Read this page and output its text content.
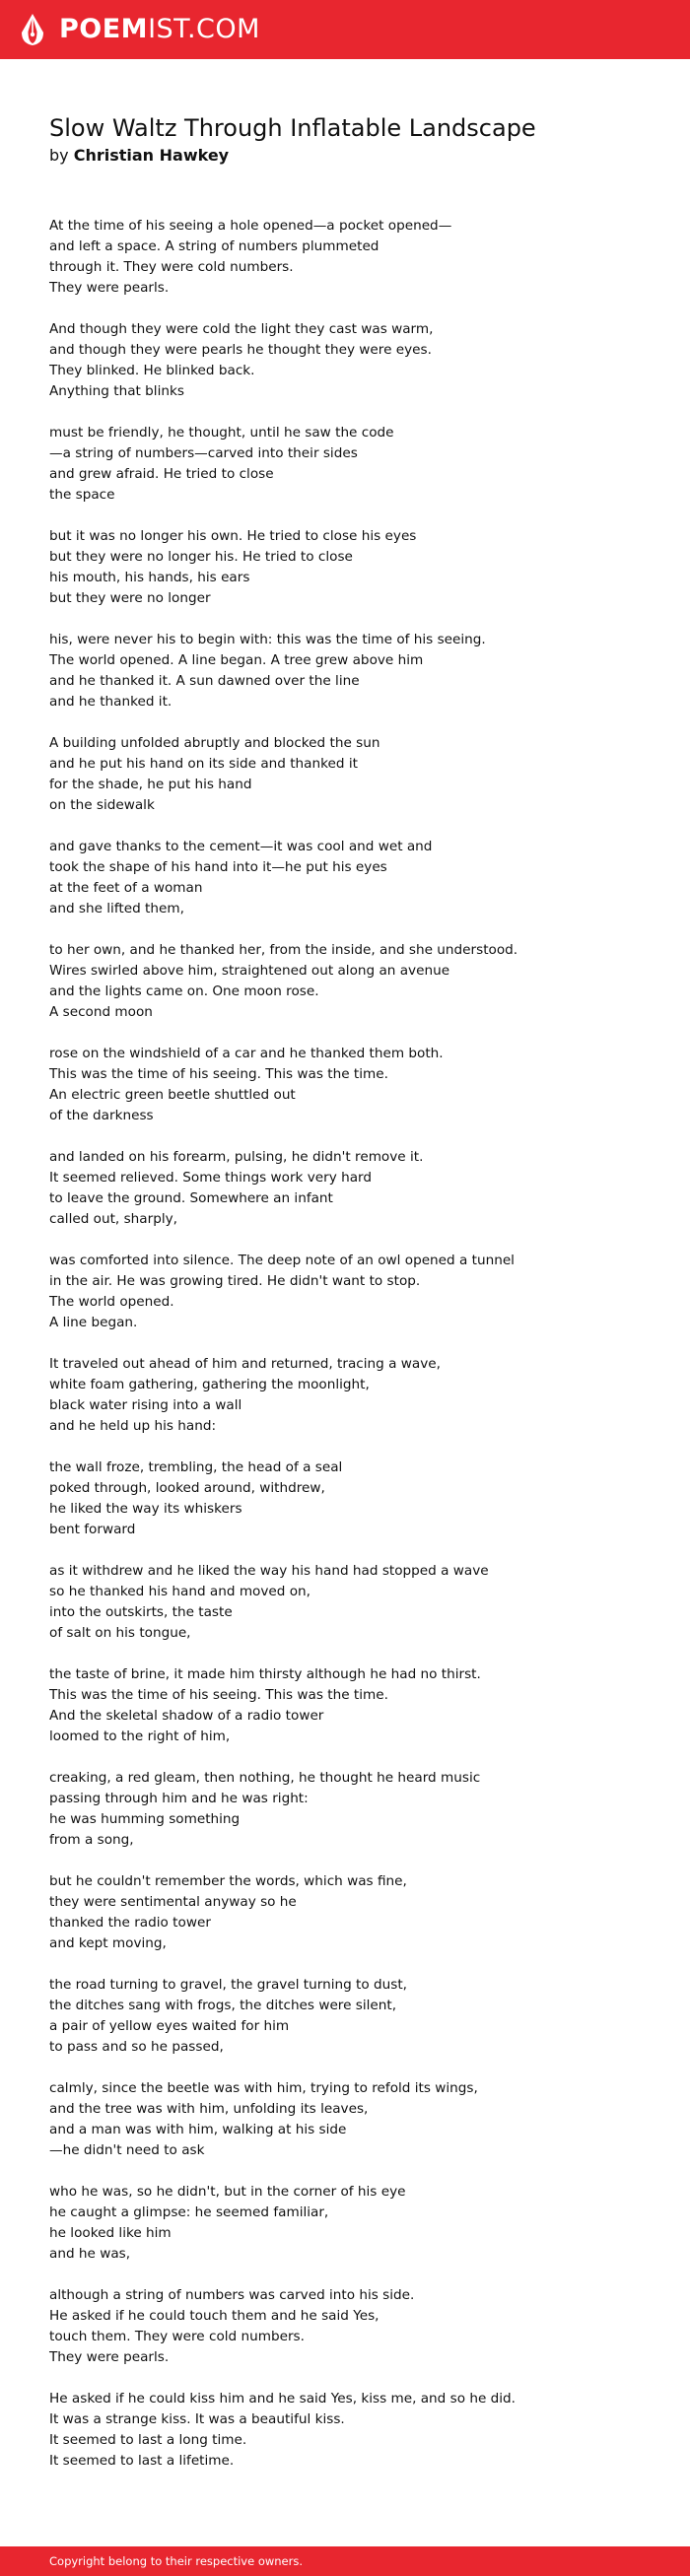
POEMIST.COM
Slow Waltz Through Inflatable Landscape
by Christian Hawkey
At the time of his seeing a hole opened—a pocket opened—
and left a space. A string of numbers plummeted
through it. They were cold numbers.
They were pearls.
And though they were cold the light they cast was warm,
and though they were pearls he thought they were eyes.
They blinked. He blinked back.
Anything that blinks
must be friendly, he thought, until he saw the code
—a string of numbers—carved into their sides
and grew afraid. He tried to close
the space
but it was no longer his own. He tried to close his eyes
but they were no longer his. He tried to close
his mouth, his hands, his ears
but they were no longer
his, were never his to begin with: this was the time of his seeing.
The world opened. A line began. A tree grew above him
and he thanked it. A sun dawned over the line
and he thanked it.
A building unfolded abruptly and blocked the sun
and he put his hand on its side and thanked it
for the shade, he put his hand
on the sidewalk
and gave thanks to the cement—it was cool and wet and
took the shape of his hand into it—he put his eyes
at the feet of a woman
and she lifted them,
to her own, and he thanked her, from the inside, and she understood.
Wires swirled above him, straightened out along an avenue
and the lights came on. One moon rose.
A second moon
rose on the windshield of a car and he thanked them both.
This was the time of his seeing. This was the time.
An electric green beetle shuttled out
of the darkness
and landed on his forearm, pulsing, he didn't remove it.
It seemed relieved. Some things work very hard
to leave the ground. Somewhere an infant
called out, sharply,
was comforted into silence. The deep note of an owl opened a tunnel
in the air. He was growing tired. He didn't want to stop.
The world opened.
A line began.
It traveled out ahead of him and returned, tracing a wave,
white foam gathering, gathering the moonlight,
black water rising into a wall
and he held up his hand:
the wall froze, trembling, the head of a seal
poked through, looked around, withdrew,
he liked the way its whiskers
bent forward
as it withdrew and he liked the way his hand had stopped a wave
so he thanked his hand and moved on,
into the outskirts, the taste
of salt on his tongue,
the taste of brine, it made him thirsty although he had no thirst.
This was the time of his seeing. This was the time.
And the skeletal shadow of a radio tower
loomed to the right of him,
creaking, a red gleam, then nothing, he thought he heard music
passing through him and he was right:
he was humming something
from a song,
but he couldn't remember the words, which was fine,
they were sentimental anyway so he
thanked the radio tower
and kept moving,
the road turning to gravel, the gravel turning to dust,
the ditches sang with frogs, the ditches were silent,
a pair of yellow eyes waited for him
to pass and so he passed,
calmly, since the beetle was with him, trying to refold its wings,
and the tree was with him, unfolding its leaves,
and a man was with him, walking at his side
—he didn't need to ask
who he was, so he didn't, but in the corner of his eye
he caught a glimpse: he seemed familiar,
he looked like him
and he was,
although a string of numbers was carved into his side.
He asked if he could touch them and he said Yes,
touch them. They were cold numbers.
They were pearls.
He asked if he could kiss him and he said Yes, kiss me, and so he did.
It was a strange kiss. It was a beautiful kiss.
It seemed to last a long time.
It seemed to last a lifetime.
Copyright belong to their respective owners.
